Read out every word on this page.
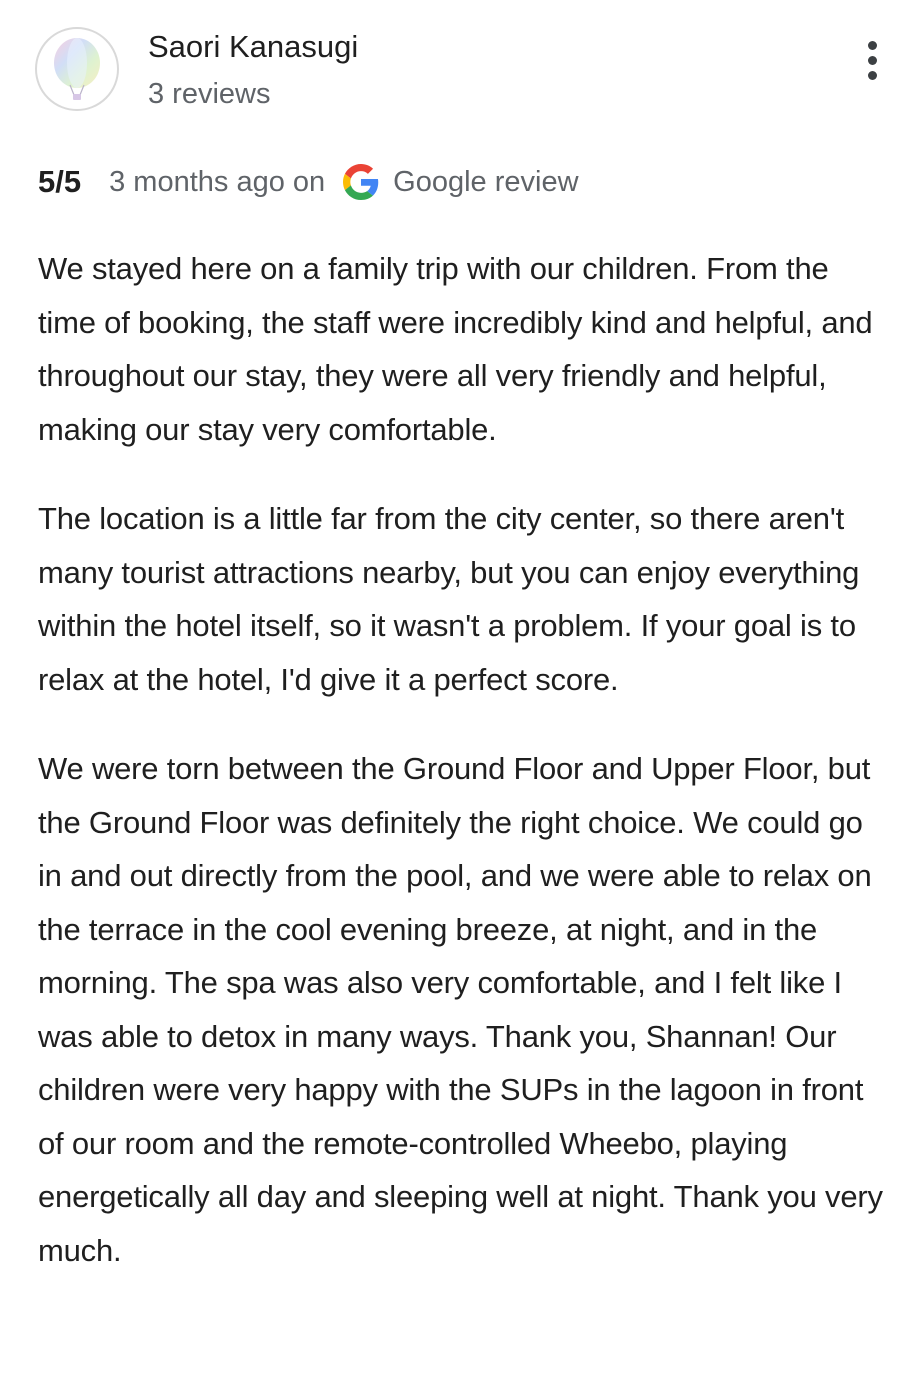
Saori Kanasugi
3 reviews
5/5 3 months ago on Google review

We stayed here on a family trip with our children. From the time of booking, the staff were incredibly kind and helpful, and throughout our stay, they were all very friendly and helpful, making our stay very comfortable.

The location is a little far from the city center, so there aren't many tourist attractions nearby, but you can enjoy everything within the hotel itself, so it wasn't a problem. If your goal is to relax at the hotel, I'd give it a perfect score.

We were torn between the Ground Floor and Upper Floor, but the Ground Floor was definitely the right choice. We could go in and out directly from the pool, and we were able to relax on the terrace in the cool evening breeze, at night, and in the morning. The spa was also very comfortable, and I felt like I was able to detox in many ways. Thank you, Shannan! Our children were very happy with the SUPs in the lagoon in front of our room and the remote-controlled Wheebo, playing energetically all day and sleeping well at night. Thank you very much.
